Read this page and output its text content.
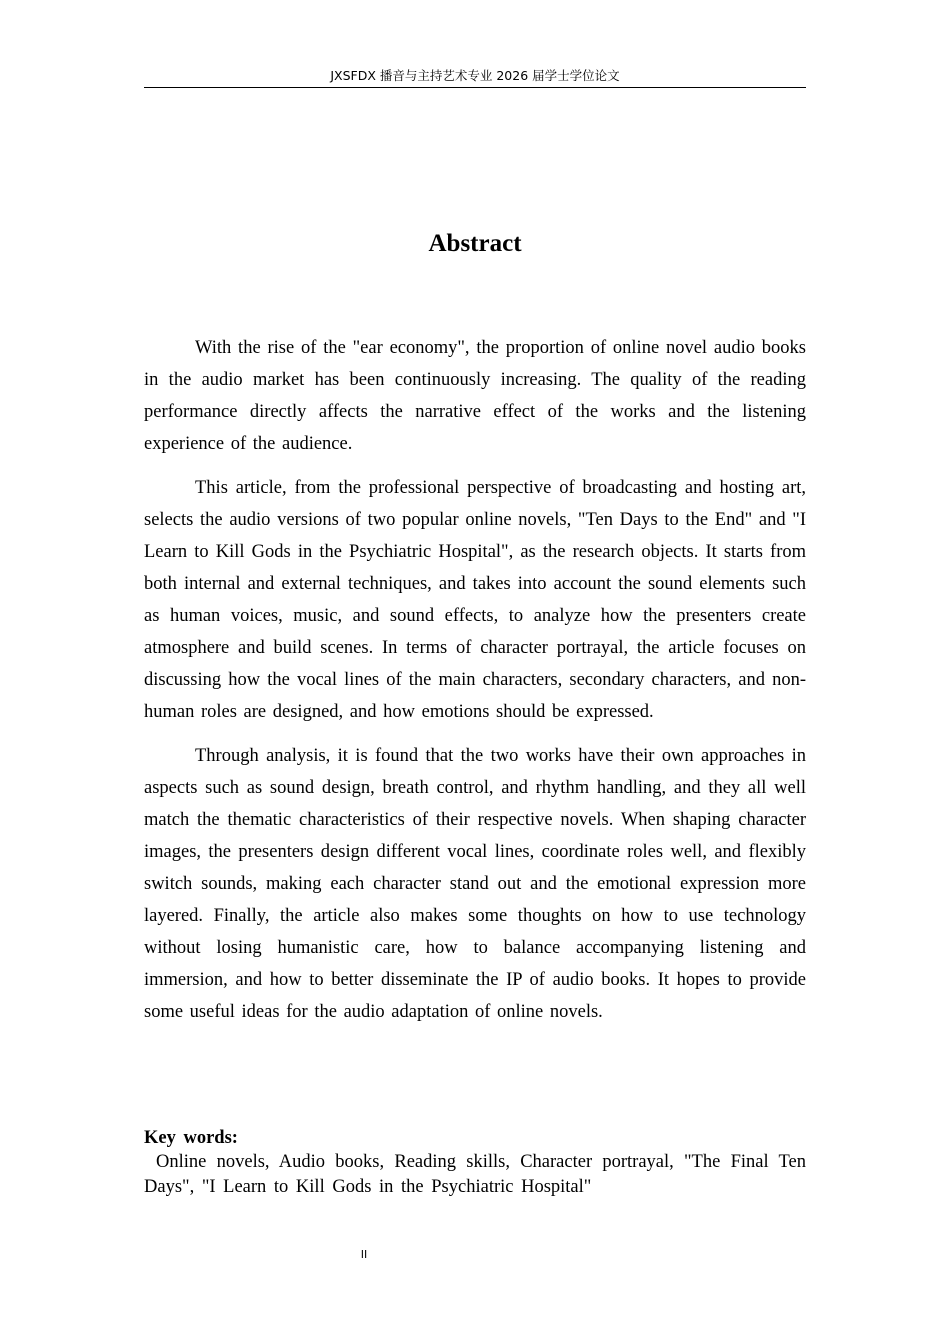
JXSFDX 播音与主持艺术专业 2026 届学士学位论文
Abstract

With the rise of the "ear economy", the proportion of online novel audio books in the audio market has been continuously increasing. The quality of the reading performance directly affects the narrative effect of the works and the listening experience of the audience.

This article, from the professional perspective of broadcasting and hosting art, selects the audio versions of two popular online novels, "Ten Days to the End" and "I Learn to Kill Gods in the Psychiatric Hospital", as the research objects. It starts from both internal and external techniques, and takes into account the sound elements such as human voices, music, and sound effects, to analyze how the presenters create atmosphere and build scenes. In terms of character portrayal, the article focuses on discussing how the vocal lines of the main characters, secondary characters, and non-human roles are designed, and how emotions should be expressed.

Through analysis, it is found that the two works have their own approaches in aspects such as sound design, breath control, and rhythm handling, and they all well match the thematic characteristics of their respective novels. When shaping character images, the presenters design different vocal lines, coordinate roles well, and flexibly switch sounds, making each character stand out and the emotional expression more layered. Finally, the article also makes some thoughts on how to use technology without losing humanistic care, how to balance accompanying listening and immersion, and how to better disseminate the IP of audio books. It hopes to provide some useful ideas for the audio adaptation of online novels.

Key words:

Online novels, Audio books, Reading skills, Character portrayal, "The Final Ten Days", "I Learn to Kill Gods in the Psychiatric Hospital"

II
